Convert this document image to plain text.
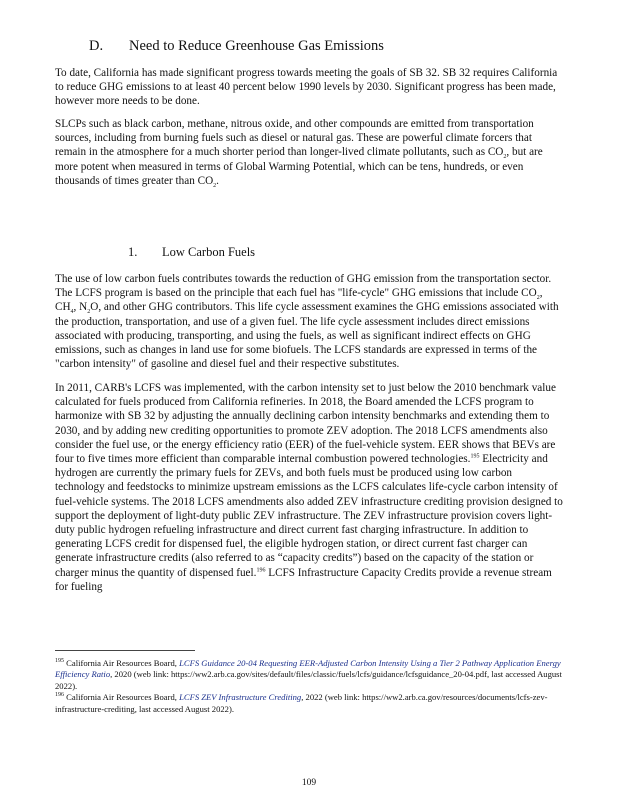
D. Need to Reduce Greenhouse Gas Emissions

To date, California has made significant progress towards meeting the goals of SB 32. SB 32 requires California to reduce GHG emissions to at least 40 percent below 1990 levels by 2030. Significant progress has been made, however more needs to be done.

SLCPs such as black carbon, methane, nitrous oxide, and other compounds are emitted from transportation sources, including from burning fuels such as diesel or natural gas. These are powerful climate forcers that remain in the atmosphere for a much shorter period than longer-lived climate pollutants, such as $CO_2$, but are more potent when measured in terms of Global Warming Potential, which can be tens, hundreds, or even thousands of times greater than $CO_2$.

1. Low Carbon Fuels

The use of low carbon fuels contributes towards the reduction of GHG emission from the transportation sector. The LCFS program is based on the principle that each fuel has "life-cycle" GHG emissions that include $CO_2$, $CH_4$, $N_2O$, and other GHG contributors. This life cycle assessment examines the GHG emissions associated with the production, transportation, and use of a given fuel. The life cycle assessment includes direct emissions associated with producing, transporting, and using the fuels, as well as significant indirect effects on GHG emissions, such as changes in land use for some biofuels. The LCFS standards are expressed in terms of the "carbon intensity" of gasoline and diesel fuel and their respective substitutes.

In 2011, CARB's LCFS was implemented, with the carbon intensity set to just below the 2010 benchmark value calculated for fuels produced from California refineries. In 2018, the Board amended the LCFS program to harmonize with SB 32 by adjusting the annually declining carbon intensity benchmarks and extending them to 2030, and by adding new crediting opportunities to promote ZEV adoption. The 2018 LCFS amendments also consider the fuel use, or the energy efficiency ratio (EER) of the fuel-vehicle system. EER shows that BEVs are four to five times more efficient than comparable internal combustion powered technologies.$^{195}$ Electricity and hydrogen are currently the primary fuels for ZEVs, and both fuels must be produced using low carbon technology and feedstocks to minimize upstream emissions as the LCFS calculates life-cycle carbon intensity of fuel-vehicle systems. The 2018 LCFS amendments also added ZEV infrastructure crediting provision designed to support the deployment of light-duty public ZEV infrastructure. The ZEV infrastructure provision covers light-duty public hydrogen refueling infrastructure and direct current fast charging infrastructure. In addition to generating LCFS credit for dispensed fuel, the eligible hydrogen station, or direct current fast charger can generate infrastructure credits (also referred to as “capacity credits”) based on the capacity of the station or charger minus the quantity of dispensed fuel.$^{196}$ LCFS Infrastructure Capacity Credits provide a revenue stream for fueling

$^{195}$ California Air Resources Board, LCFS Guidance 20-04 Requesting EER-Adjusted Carbon Intensity Using a Tier 2 Pathway Application Energy Efficiency Ratio, 2020 (web link: https://ww2.arb.ca.gov/sites/default/files/classic/fuels/lcfs/guidance/lcfsguidance_20-04.pdf, last accessed August 2022).

$^{196}$ California Air Resources Board, LCFS ZEV Infrastructure Crediting, 2022 (web link: https://ww2.arb.ca.gov/resources/documents/lcfs-zev-infrastructure-crediting, last accessed August 2022).

109
